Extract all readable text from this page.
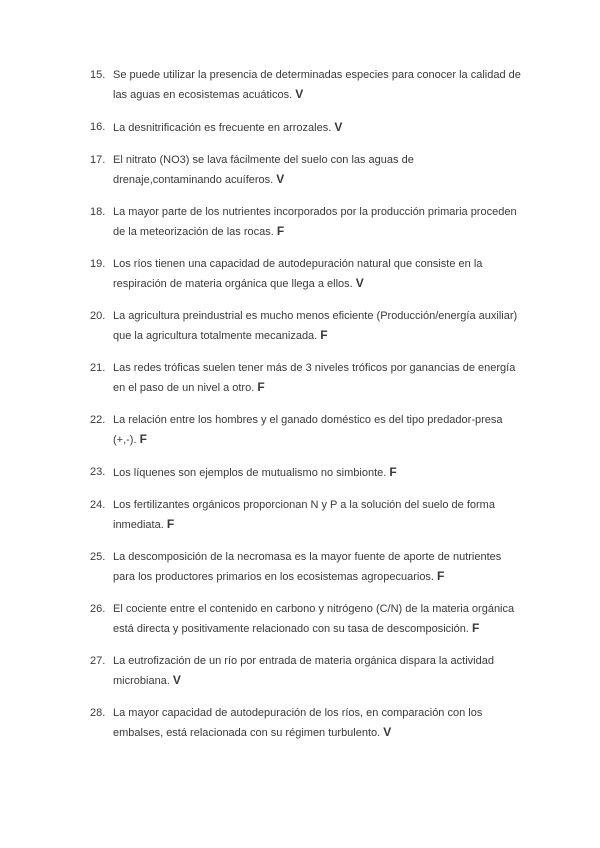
15. Se puede utilizar la presencia de determinadas especies para conocer la calidad de las aguas en ecosistemas acuáticos. V
16. La desnitrificación es frecuente en arrozales. V
17. El nitrato (NO3) se lava fácilmente del suelo con las aguas de drenaje,contaminando acuíferos. V
18. La mayor parte de los nutrientes incorporados por la producción primaria proceden de la meteorización de las rocas. F
19. Los ríos tienen una capacidad de autodepuración natural que consiste en la respiración de materia orgánica que llega a ellos. V
20. La agricultura preindustrial es mucho menos eficiente (Producción/energía auxiliar) que la agricultura totalmente mecanizada. F
21. Las redes tróficas suelen tener más de 3 niveles tróficos por ganancias de energía en el paso de un nivel a otro. F
22. La relación entre los hombres y el ganado doméstico es del tipo predador-presa (+,-). F
23. Los líquenes son ejemplos de mutualismo no simbionte. F
24. Los fertilizantes orgánicos proporcionan N y P a la solución del suelo de forma inmediata. F
25. La descomposición de la necromasa es la mayor fuente de aporte de nutrientes para los productores primarios en los ecosistemas agropecuarios. F
26. El cociente entre el contenido en carbono y nitrógeno (C/N) de la materia orgánica está directa y positivamente relacionado con su tasa de descomposición. F
27. La eutrofización de un río por entrada de materia orgánica dispara la actividad microbiana. V
28. La mayor capacidad de autodepuración de los ríos, en comparación con los embalses, está relacionada con su régimen turbulento. V
